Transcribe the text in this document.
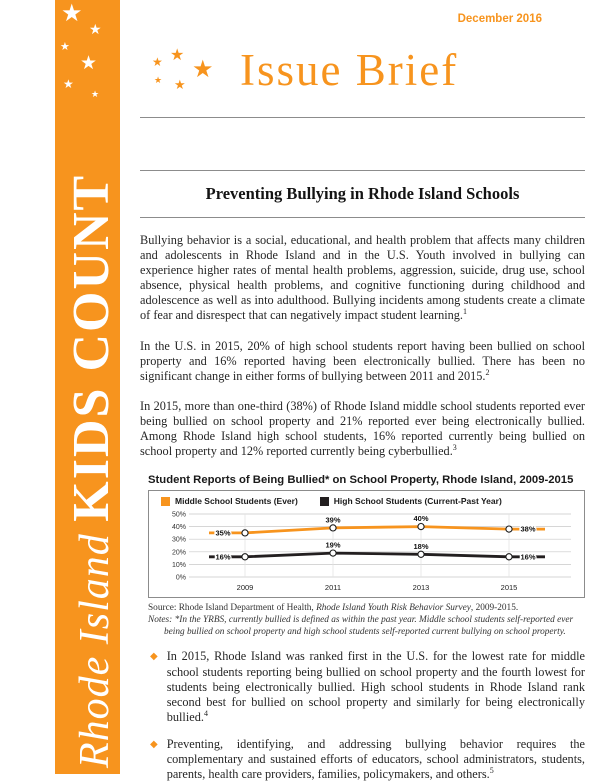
★
★
★
★
★
★
Rhode Island KIDS COUNT
December 2016
★ ★
★
★ ★ Issue Brief
Preventing Bullying in Rhode Island Schools

Bullying behavior is a social, educational, and health problem that affects many children and adolescents in Rhode Island and in the U.S. Youth involved in bullying can experience higher rates of mental health problems, aggression, suicide, drug use, school absence, physical health problems, and cognitive functioning during childhood and adolescence as well as into adulthood. Bullying incidents among students create a climate of fear and disrespect that can negatively impact student learning.$^1$

In the U.S. in 2015, 20% of high school students report having been bullied on school property and 16% reported having been electronically bullied. There has been no significant change in either forms of bullying between 2011 and 2015.$^2$

In 2015, more than one-third (38%) of Rhode Island middle school students reported ever being bullied on school property and 21% reported ever being electronically bullied. Among Rhode Island high school students, 16% reported currently being bullied on school property and 12% reported currently being cyberbullied.$^3$

Student Reports of Being Bullied* on School Property, Rhode Island, 2009-2015
Middle School Students (Ever)	High School Students (Current-Past Year)
0%
10%
20%
30%
40%
50%
2009	2011	2013	2015
35%
39%	40%
38%
16%
19%	18%
16%

Source: Rhode Island Department of Health, Rhode Island Youth Risk Behavior Survey, 2009-2015.

Notes: *In the YRBS, currently bullied is defined as within the past year. Middle school students self-reported ever being bullied on school property and high school students self-reported current bullying on school property.

◆ In 2015, Rhode Island was ranked first in the U.S. for the lowest rate for middle school students reporting being bullied on school property and the fourth lowest for students being electronically bullied. High school students in Rhode Island rank second best for bullied on school property and similarly for being electronically bullied.$^4$

◆ Preventing, identifying, and addressing bullying behavior requires the complementary and sustained efforts of educators, school administrators, students, parents, health care providers, families, policymakers, and others.$^5$
